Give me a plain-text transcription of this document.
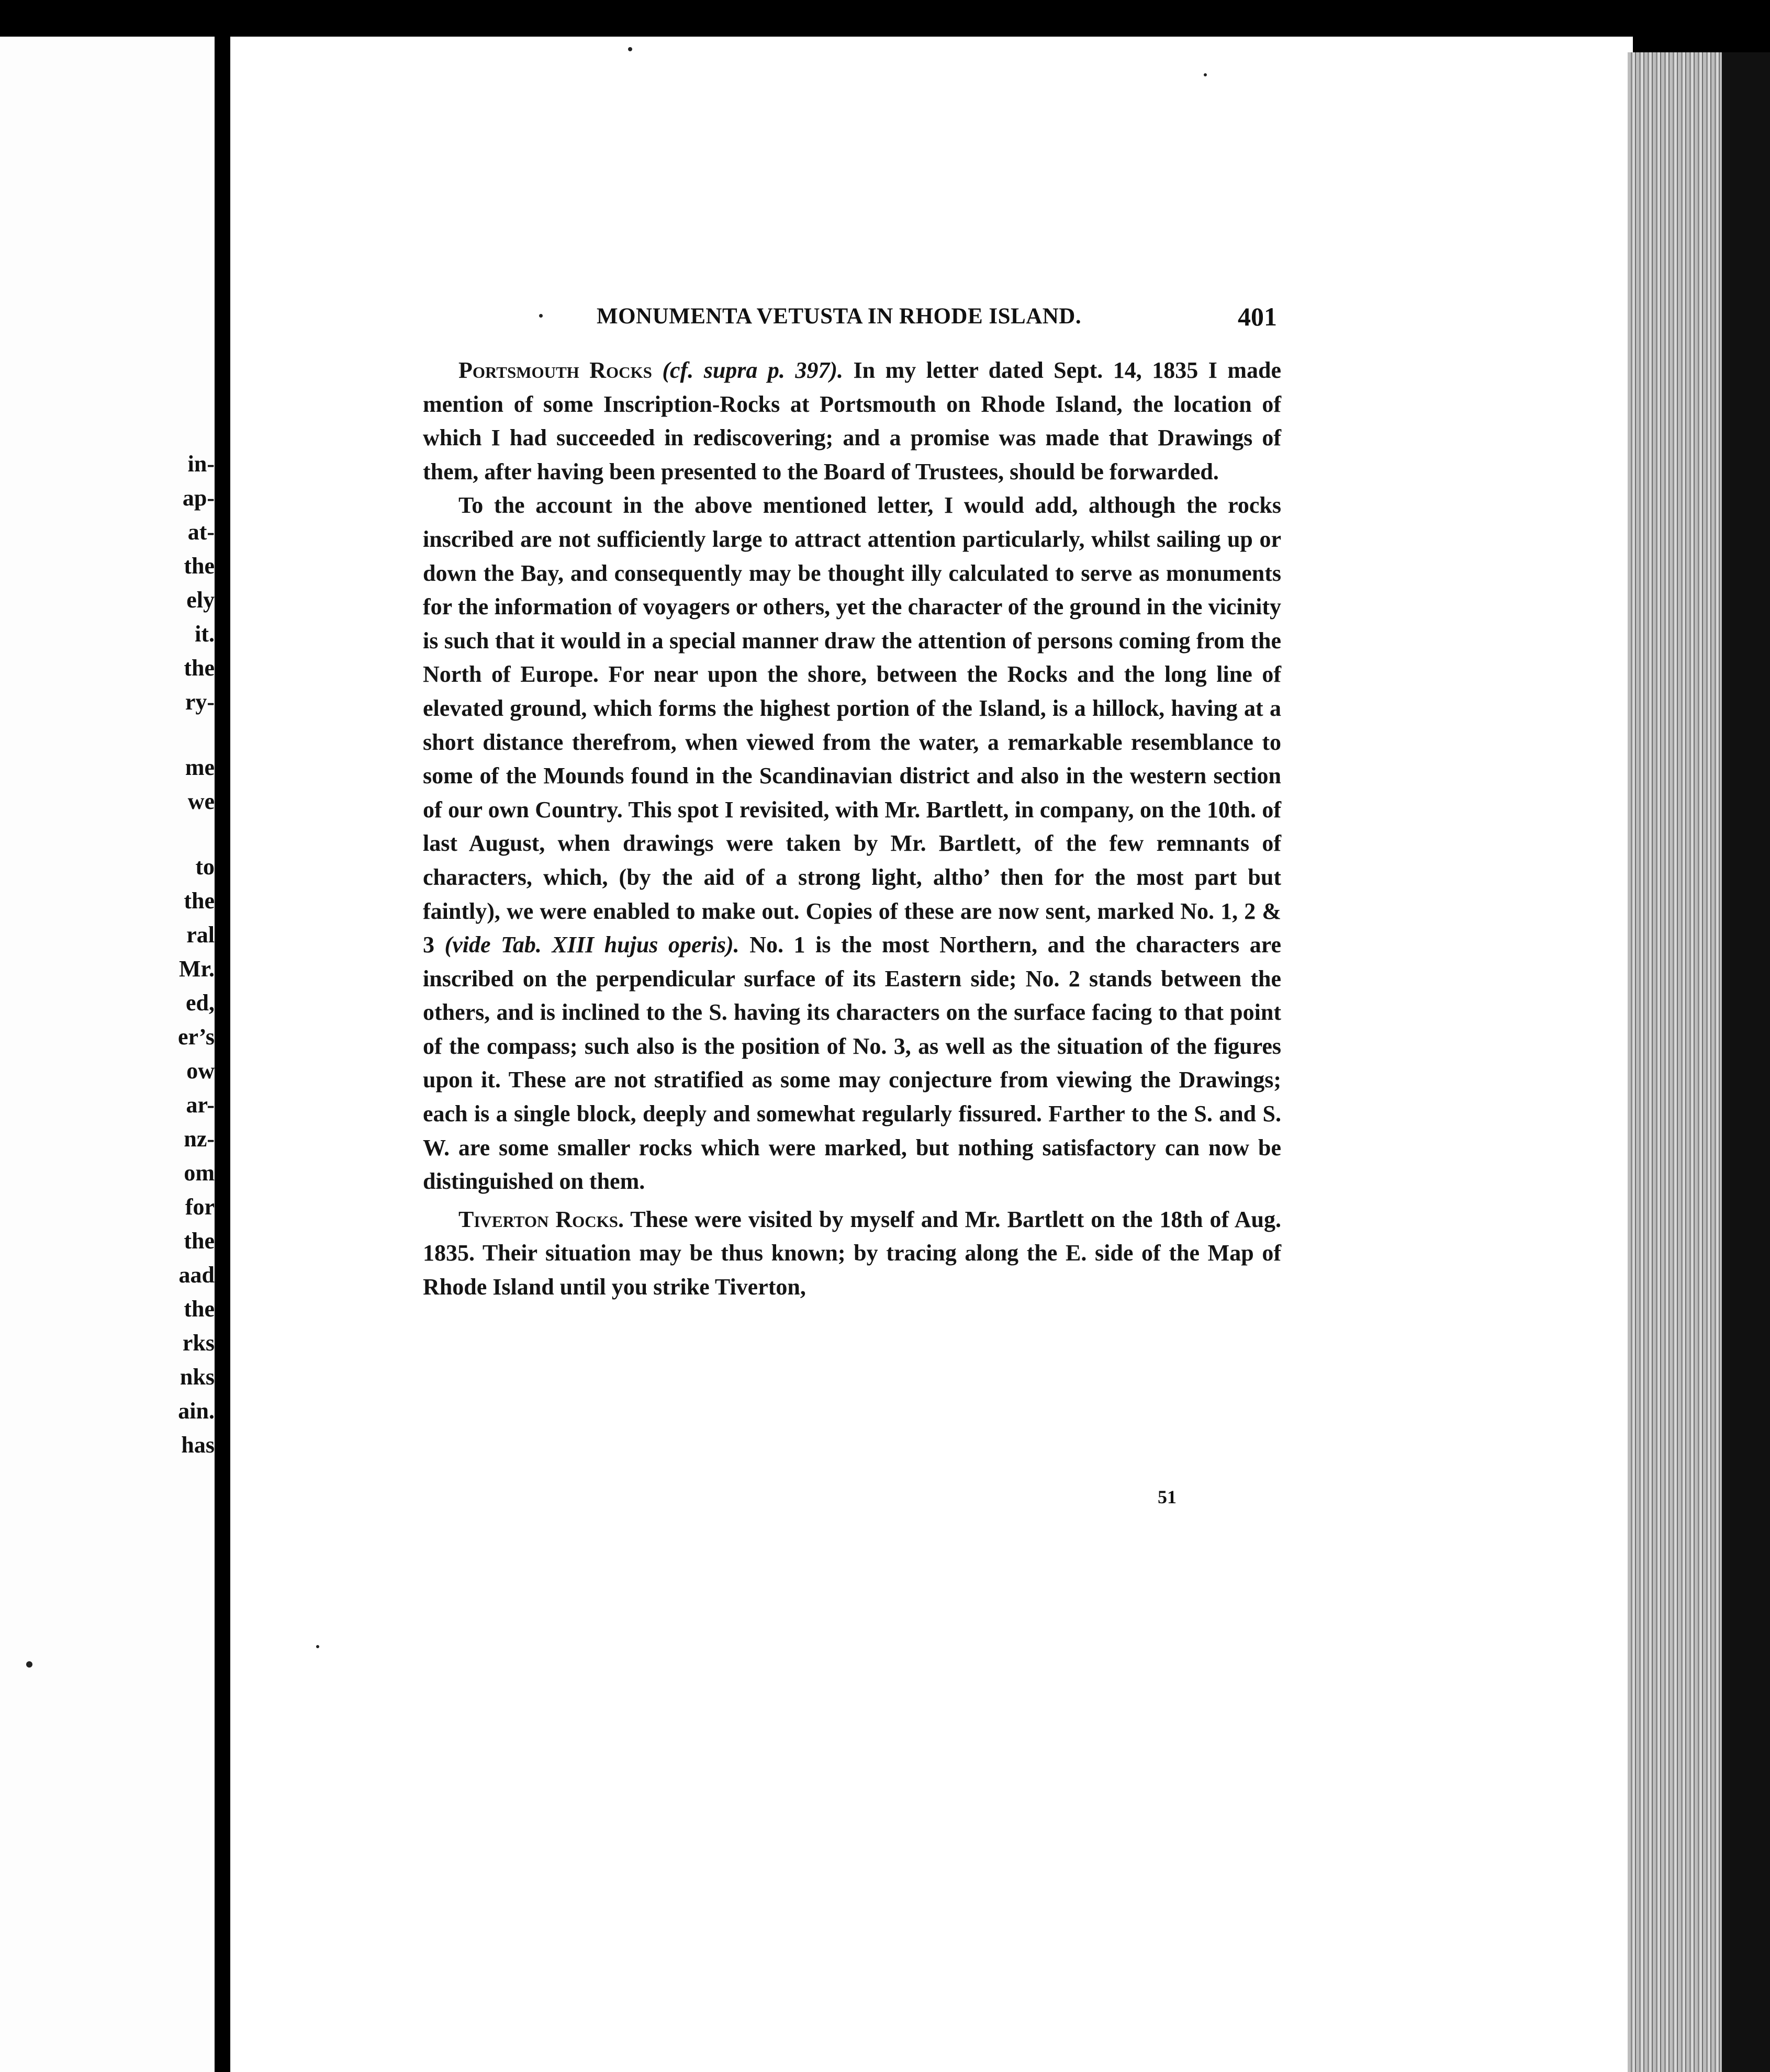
in-
ap-
at-
the
ely
it.
the
ry-
me
we
to
the
ral
Mr.
ed,
er’s
ow
ar-
nz-
om
for
the
aad
the
rks
nks
ain.
has
MONUMENTA VETUSTA IN RHODE ISLAND.	401

Portsmouth Rocks (cf. supra p. 397). In my letter dated Sept. 14, 1835 I made mention of some Inscription-Rocks at Portsmouth on Rhode Island, the location of which I had succeeded in rediscovering; and a promise was made that Drawings of them, after having been presented to the Board of Trustees, should be forwarded.

To the account in the above mentioned letter, I would add, although the rocks inscribed are not sufficiently large to attract attention particularly, whilst sailing up or down the Bay, and consequently may be thought illy calculated to serve as monuments for the information of voyagers or others, yet the character of the ground in the vicinity is such that it would in a special manner draw the attention of persons coming from the North of Europe. For near upon the shore, between the Rocks and the long line of elevated ground, which forms the highest portion of the Island, is a hillock, having at a short distance therefrom, when viewed from the water, a remarkable resemblance to some of the Mounds found in the Scandinavian district and also in the western section of our own Country. This spot I revisited, with Mr. Bartlett, in company, on the 10th. of last August, when drawings were taken by Mr. Bartlett, of the few remnants of characters, which, (by the aid of a strong light, altho’ then for the most part but faintly), we were enabled to make out. Copies of these are now sent, marked No. 1, 2 & 3 (vide Tab. XIII hujus operis). No. 1 is the most Northern, and the characters are inscribed on the perpendicular surface of its Eastern side; No. 2 stands between the others, and is inclined to the S. having its characters on the surface facing to that point of the compass; such also is the position of No. 3, as well as the situation of the figures upon it. These are not stratified as some may conjecture from viewing the Drawings; each is a single block, deeply and somewhat regularly fissured. Farther to the S. and S. W. are some smaller rocks which were marked, but nothing satisfactory can now be distinguished on them.

Tiverton Rocks. These were visited by myself and Mr. Bartlett on the 18th of Aug. 1835. Their situation may be thus known; by tracing along the E. side of the Map of Rhode Island until you strike Tiverton,

51
